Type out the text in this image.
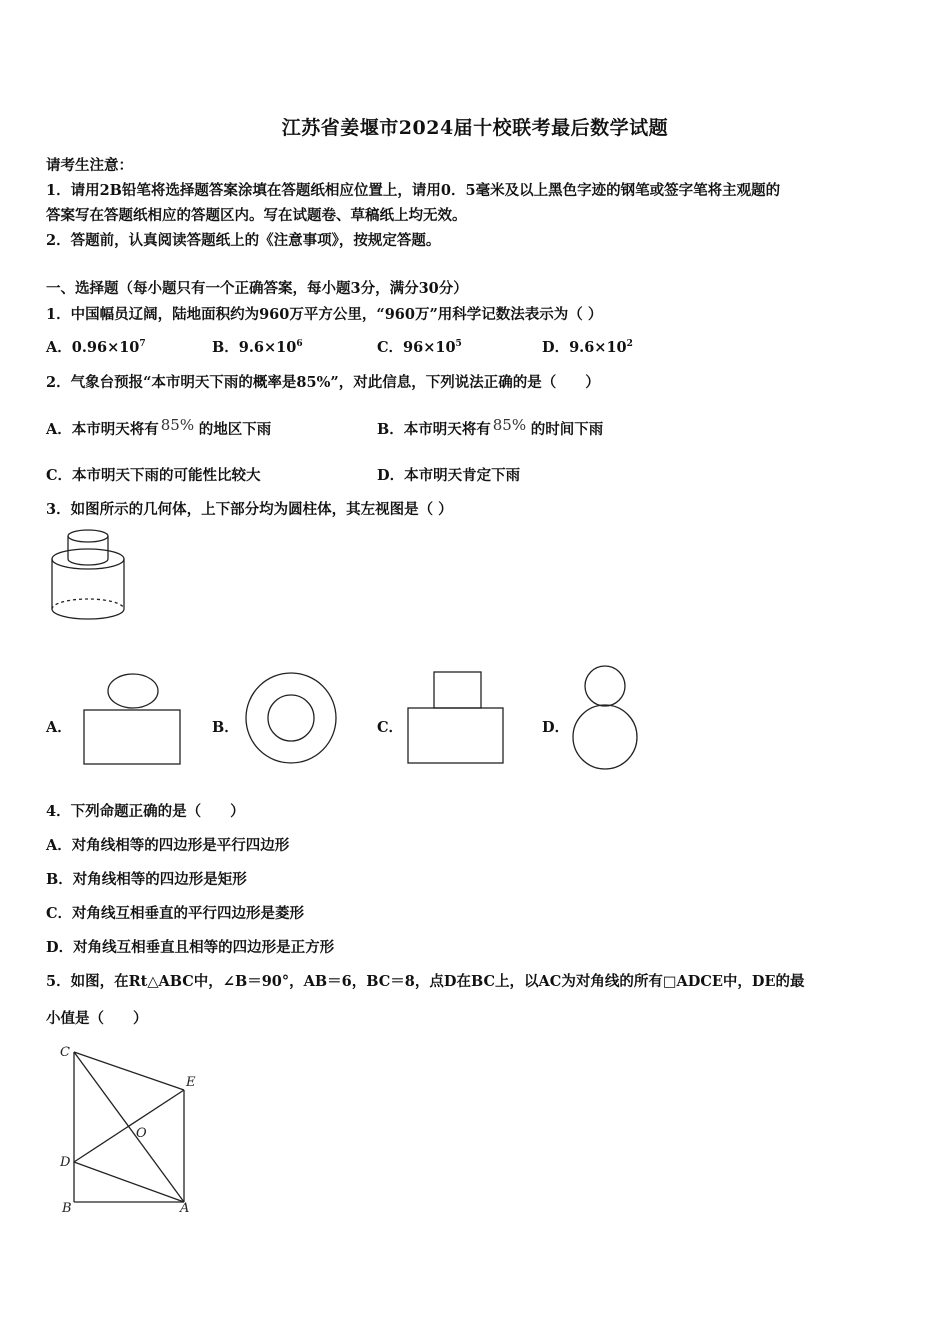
江苏省姜堰市2024届十校联考最后数学试题
请考生注意：
1．请用2B铅笔将选择题答案涂填在答题纸相应位置上，请用0．5毫米及以上黑色字迹的钢笔或签字笔将主观题的
答案写在答题纸相应的答题区内。写在试题卷、草稿纸上均无效。
2．答题前，认真阅读答题纸上的《注意事项》，按规定答题。
一、选择题（每小题只有一个正确答案，每小题3分，满分30分）
1．中国幅员辽阔，陆地面积约为960万平方公里，“960万”用科学记数法表示为（ ）
A．$0.96\times 10^7$	B．$9.6\times 10^6$	C．$96\times 10^5$	D．$9.6\times 10^2$
2．气象台预报“本市明天下雨的概率是85%”，对此信息，下列说法正确的是（　　）
A．本市明天将有 85% 的地区下雨	B．本市明天将有 85% 的时间下雨
C．本市明天下雨的可能性比较大	D．本市明天肯定下雨
3．如图所示的几何体，上下部分均为圆柱体，其左视图是（ ）
A．	B．	C．	D．
4．下列命题正确的是（　　）
A．对角线相等的四边形是平行四边形
B．对角线相等的四边形是矩形
C．对角线互相垂直的平行四边形是菱形
D．对角线互相垂直且相等的四边形是正方形
5．如图，在Rt△ABC中，∠B＝90°，AB＝6，BC＝8，点D在BC上，以AC为对角线的所有□ADCE中，DE的最
小值是（　　）
C
E
O
D
B	A
